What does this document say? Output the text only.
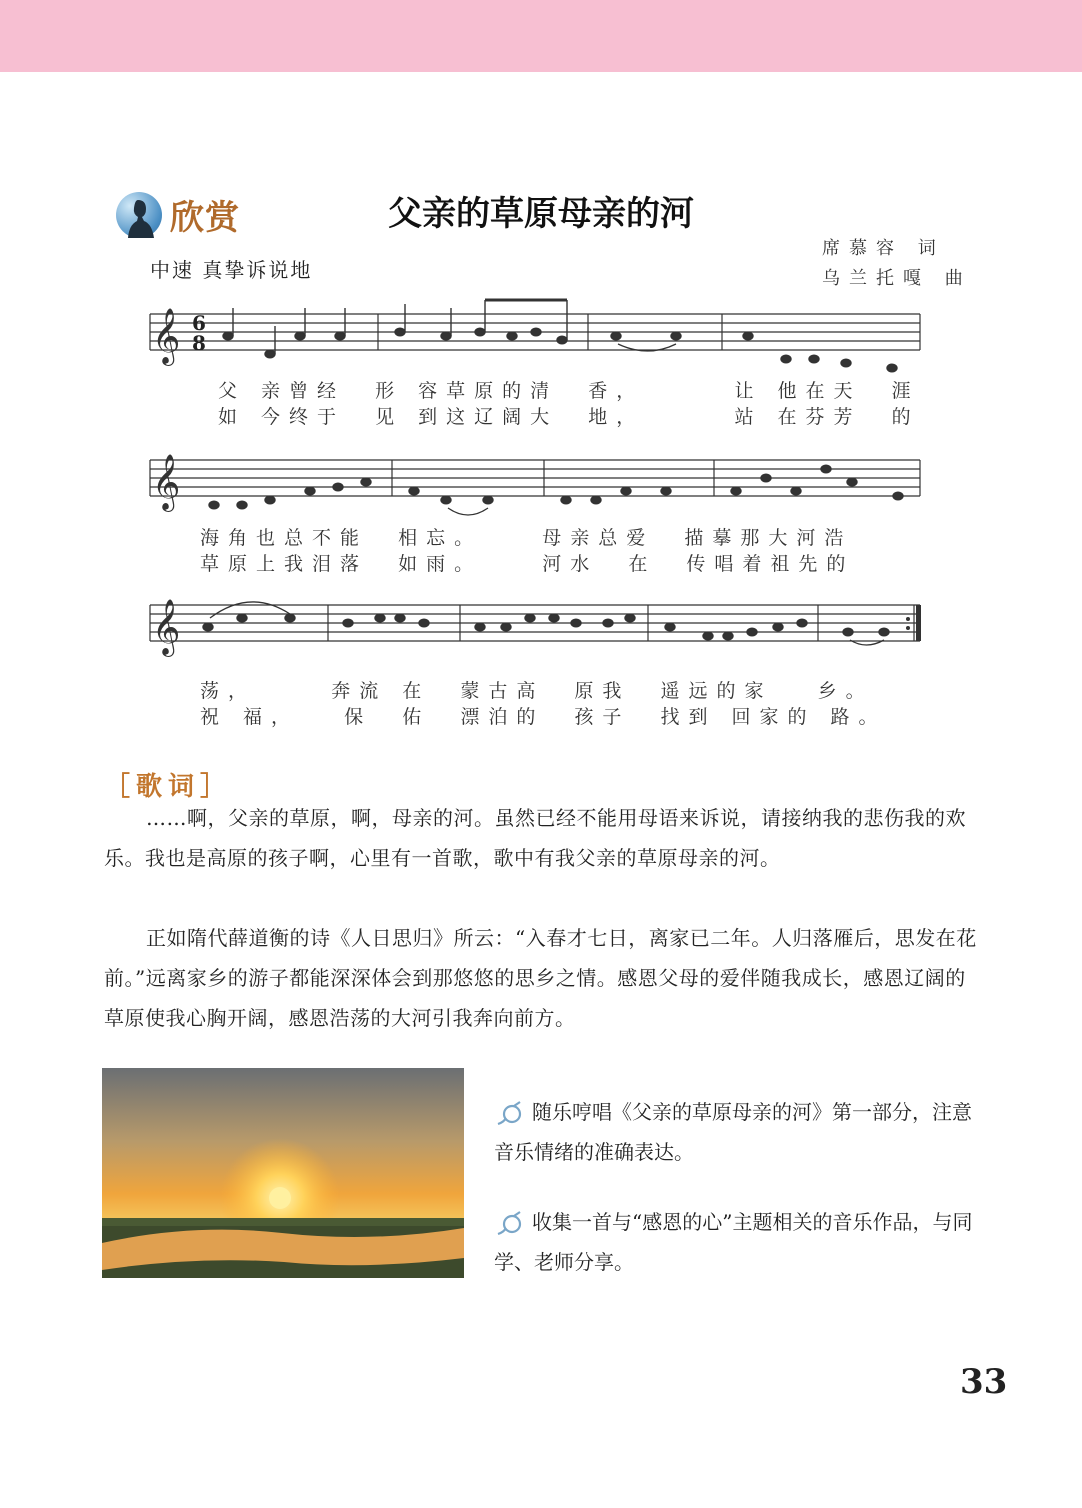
欣赏	父亲的草原母亲的河
席慕容 词
乌兰托嘎 曲
中速 真挚诉说地
𝄞
𝄞
𝄞
6
8
父 亲曾经  形 容草原的清  香，      让 他在天  涯
如 今终于  见 到这辽阔大  地，      站 在芬芳  的
海角也总不能  相忘。    母亲总爱  描摹那大河浩
草原上我泪落  如雨。    河水  在  传唱着祖先的
荡，     奔流 在  蒙古高  原我  遥远的家   乡。
祝 福，   保  佑  漂泊的  孩子  找到 回家的 路。
［歌词］
……啊，父亲的草原，啊，母亲的河。虽然已经不能用母语来诉说，请接纳我的悲伤我的欢乐。我也是高原的孩子啊，心里有一首歌，歌中有我父亲的草原母亲的河。
正如隋代薛道衡的诗《人日思归》所云：“入春才七日，离家已二年。人归落雁后，思发在花前。”远离家乡的游子都能深深体会到那悠悠的思乡之情。感恩父母的爱伴随我成长，感恩辽阔的草原使我心胸开阔，感恩浩荡的大河引我奔向前方。
随乐哼唱《父亲的草原母亲的河》第一部分，注意音乐情绪的准确表达。
收集一首与“感恩的心”主题相关的音乐作品，与同学、老师分享。
33
